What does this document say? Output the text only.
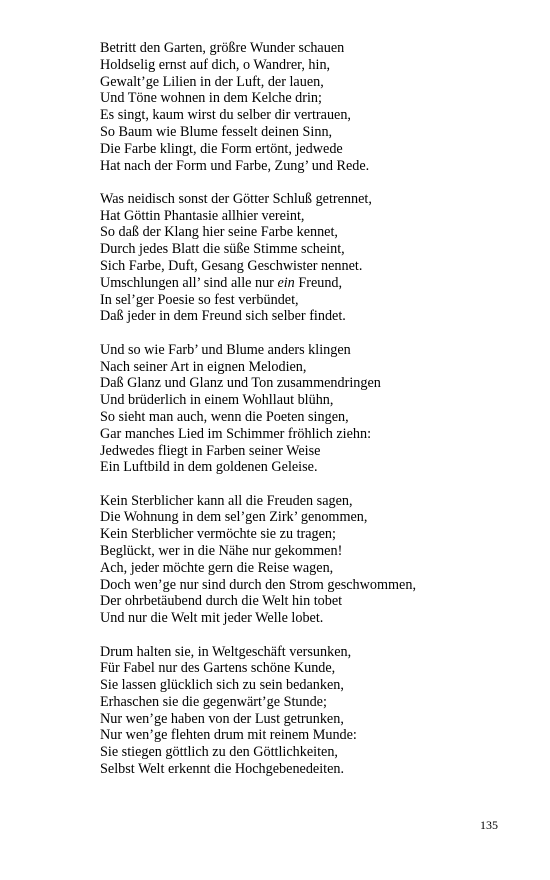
Betritt den Garten, größre Wunder schauen
Holdselig ernst auf dich, o Wandrer, hin,
Gewalt’ge Lilien in der Luft, der lauen,
Und Töne wohnen in dem Kelche drin;
Es singt, kaum wirst du selber dir vertrauen,
So Baum wie Blume fesselt deinen Sinn,
Die Farbe klingt, die Form ertönt, jedwede
Hat nach der Form und Farbe, Zung’ und Rede.
Was neidisch sonst der Götter Schluß getrennet,
Hat Göttin Phantasie allhier vereint,
So daß der Klang hier seine Farbe kennet,
Durch jedes Blatt die süße Stimme scheint,
Sich Farbe, Duft, Gesang Geschwister nennet.
Umschlungen all’ sind alle nur ein Freund,
In sel’ger Poesie so fest verbündet,
Daß jeder in dem Freund sich selber findet.
Und so wie Farb’ und Blume anders klingen
Nach seiner Art in eignen Melodien,
Daß Glanz und Glanz und Ton zusammendringen
Und brüderlich in einem Wohllaut blühn,
So sieht man auch, wenn die Poeten singen,
Gar manches Lied im Schimmer fröhlich ziehn:
Jedwedes fliegt in Farben seiner Weise
Ein Luftbild in dem goldenen Geleise.
Kein Sterblicher kann all die Freuden sagen,
Die Wohnung in dem sel’gen Zirk’ genommen,
Kein Sterblicher vermöchte sie zu tragen;
Beglückt, wer in die Nähe nur gekommen!
Ach, jeder möchte gern die Reise wagen,
Doch wen’ge nur sind durch den Strom geschwommen,
Der ohrbetäubend durch die Welt hin tobet
Und nur die Welt mit jeder Welle lobet.
Drum halten sie, in Weltgeschäft versunken,
Für Fabel nur des Gartens schöne Kunde,
Sie lassen glücklich sich zu sein bedanken,
Erhaschen sie die gegenwärt’ge Stunde;
Nur wen’ge haben von der Lust getrunken,
Nur wen’ge flehten drum mit reinem Munde:
Sie stiegen göttlich zu den Göttlichkeiten,
Selbst Welt erkennt die Hochgebenedeiten.
135
